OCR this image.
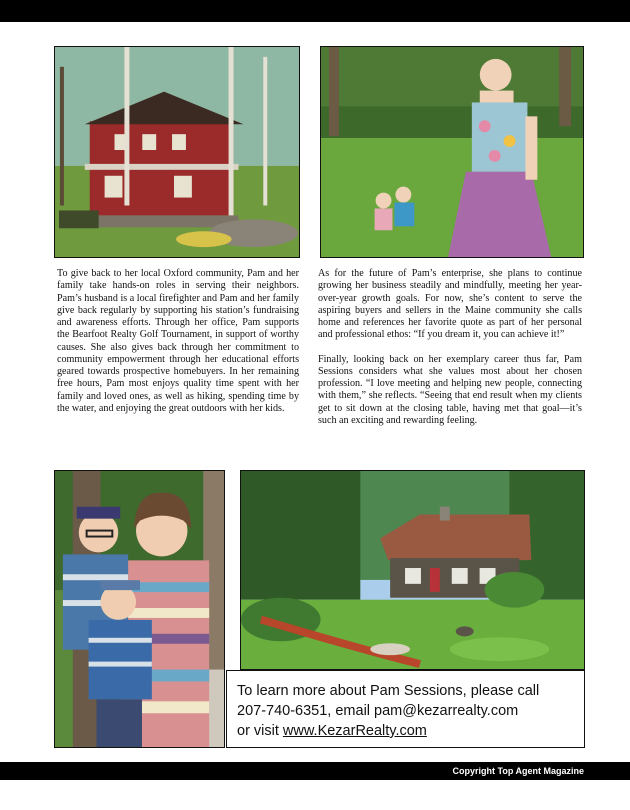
To give back to her local Oxford community, Pam and her family take hands-on roles in serving their neighbors. Pam’s husband is a local firefighter and Pam and her family give back regularly by supporting his station’s fundraising and awareness efforts. Through her office, Pam supports the Bearfoot Realty Golf Tournament, in support of worthy causes. She also gives back through her commitment to community empowerment through her educational efforts geared towards prospective homebuyers. In her remaining free hours, Pam most enjoys quality time spent with her family and loved ones, as well as hiking, spending time by the water, and enjoying the great outdoors with her kids.

As for the future of Pam’s enterprise, she plans to continue growing her business steadily and mindfully, meeting her year-over-year growth goals. For now, she’s content to serve the aspiring buyers and sellers in the Maine community she calls home and references her favorite quote as part of her personal and professional ethos: “If you dream it, you can achieve it!”

Finally, looking back on her exemplary career thus far, Pam Sessions considers what she values most about her chosen profession. “I love meeting and helping new people, connecting with them,” she reflects. “Seeing that end result when my clients get to sit down at the closing table, having met that goal—it’s such an exciting and rewarding feeling.

To learn more about Pam Sessions, please call
207-740-6351, email pam@kezarrealty.com
or visit www.KezarRealty.com
Copyright Top Agent Magazine
